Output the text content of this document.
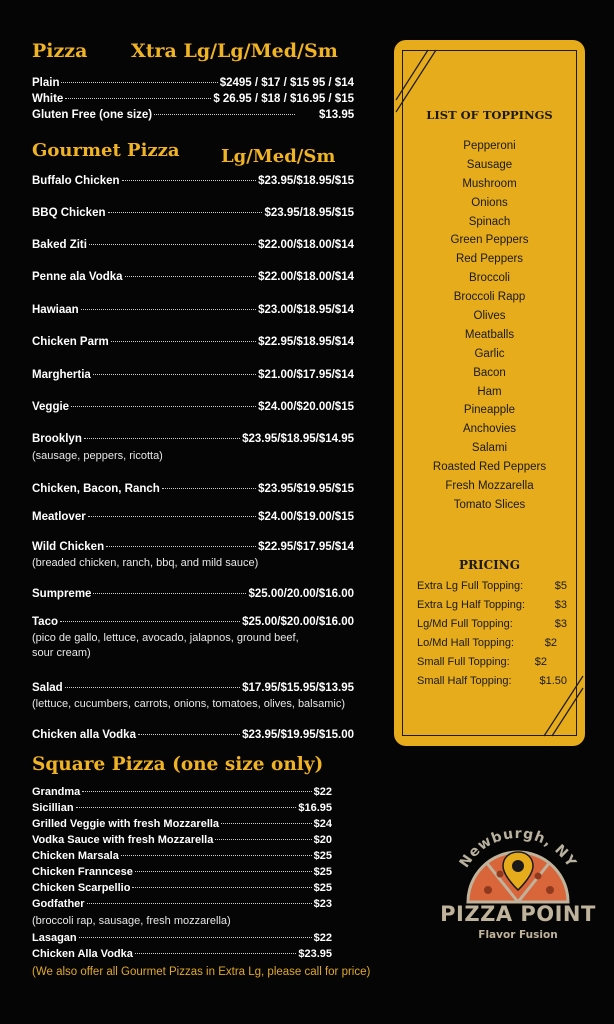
Pizza Xtra Lg/Lg/Med/Sm
Plain	$2495 / $17 / $15 95 / $14
White	$ 26.95 / $18 / $16.95 / $15
Gluten Free (one size)	$13.95
Gourmet Pizza Lg/Med/Sm
Buffalo Chicken	$23.95/$18.95/$15
BBQ Chicken	$23.95/18.95/$15
Baked Ziti	$22.00/$18.00/$14
Penne ala Vodka	$22.00/$18.00/$14
Hawiaan	$23.00/$18.95/$14
Chicken Parm	$22.95/$18.95/$14
Marghertia	$21.00/$17.95/$14
Veggie	$24.00/$20.00/$15
Brooklyn	$23.95/$18.95/$14.95
(sausage, peppers, ricotta)
Chicken, Bacon, Ranch	$23.95/$19.95/$15
Meatlover	$24.00/$19.00/$15
Wild Chicken	$22.95/$17.95/$14
(breaded chicken, ranch, bbq, and mild sauce)
Sumpreme	$25.00/20.00/$16.00
Taco	$25.00/$20.00/$16.00
(pico de gallo, lettuce, avocado, jalapnos, ground beef,
sour cream)
Salad	$17.95/$15.95/$13.95
(lettuce, cucumbers, carrots, onions, tomatoes, olives, balsamic)
Chicken alla Vodka	$23.95/$19.95/$15.00
Square Pizza (one size only)
Grandma	$22
Sicillian	$16.95
Grilled Veggie with fresh Mozzarella	$24
Vodka Sauce with fresh Mozzarella	$20
Chicken Marsala	$25
Chicken Franncese	$25
Chicken Scarpellio	$25
Godfather	$23
(broccoli rap, sausage, fresh mozzarella)
Lasagan	$22
Chicken Alla Vodka	$23.95
(We also offer all Gourmet Pizzas in Extra Lg, please call for price)
LIST OF TOPPINGS
Pepperoni
Sausage
Mushroom
Onions
Spinach
Green Peppers
Red Peppers
Broccoli
Broccoli Rapp
Olives
Meatballs
Garlic
Bacon
Ham
Pineapple
Anchovies
Salami
Roasted Red Peppers
Fresh Mozzarella
Tomato Slices
PRICING
Extra Lg Full Topping:	$5
Extra Lg Half Topping:	$3
Lg/Md Full Topping:	$3
Lo/Md Hall Topping:	$2
Small Full Topping: $2
Small Half Topping:	$1.50
Newburgh, NY
PIZZA POINT
Flavor Fusion
